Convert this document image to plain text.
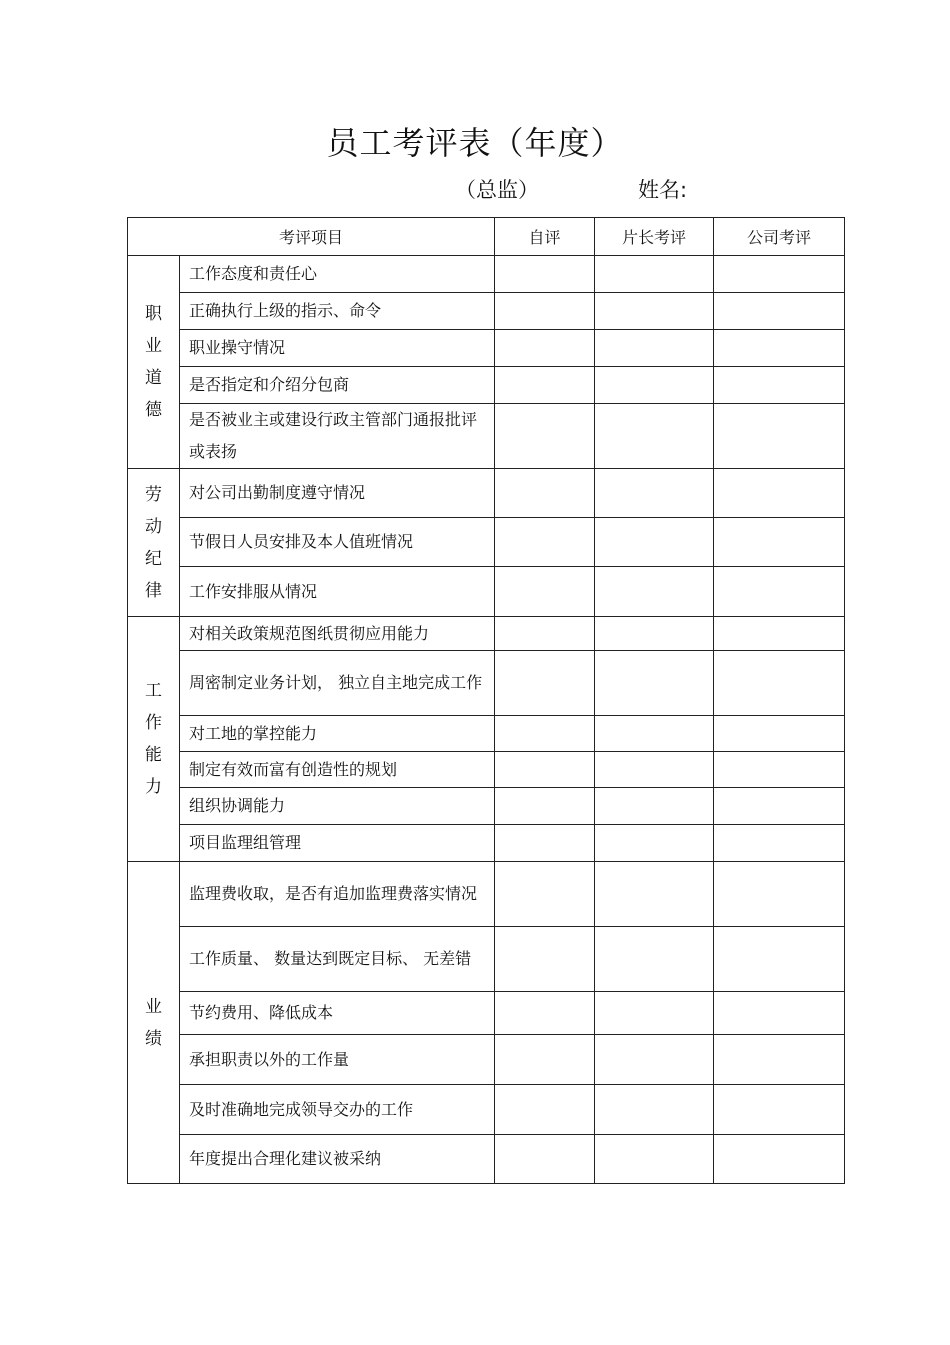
员工考评表（年度）
（总监）	姓名:
考评项目		自评	片长考评	公司考评

职
业
道
德	工作态度和责任心			
	正确执行上级的指示、命令			
	职业操守情况			
	是否指定和介绍分包商			
	是否被业主或建设行政主管部门通报批评或表扬			

劳
动
纪
律	对公司出勤制度遵守情况			
	节假日人员安排及本人值班情况			
	工作安排服从情况			

工
作
能
力	对相关政策规范图纸贯彻应用能力			
	周密制定业务计划， 独立自主地完成工作			
	对工地的掌控能力			
	制定有效而富有创造性的规划			
	组织协调能力			
	项目监理组管理			

业
绩	监理费收取，是否有追加监理费落实情况			
	工作质量、 数量达到既定目标、 无差错			
	节约费用、降低成本			
	承担职责以外的工作量			
	及时准确地完成领导交办的工作			
	年度提出合理化建议被采纳			
